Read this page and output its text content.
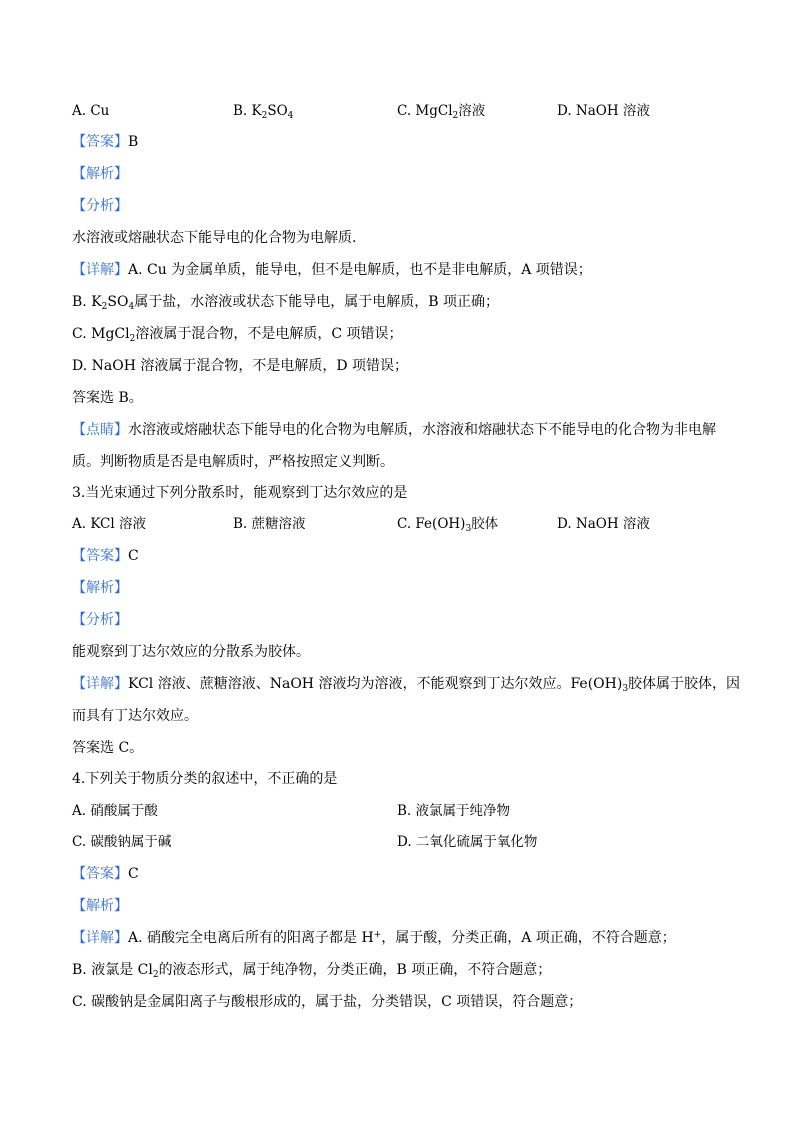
A. Cu	B. $K_2SO_4$	C. MgCl$_2$溶液	D. NaOH 溶液
【答案】B
【解析】
【分析】
水溶液或熔融状态下能导电的化合物为电解质.
【详解】A. Cu 为金属单质，能导电，但不是电解质，也不是非电解质，A 项错误；
B. $K_2SO_4$属于盐，水溶液或状态下能导电，属于电解质，B 项正确；
C. MgCl$_2$溶液属于混合物，不是电解质，C 项错误；
D. NaOH 溶液属于混合物，不是电解质，D 项错误；
答案选 B。
【点睛】水溶液或熔融状态下能导电的化合物为电解质，水溶液和熔融状态下不能导电的化合物为非电解
质。判断物质是否是电解质时，严格按照定义判断。
3.当光束通过下列分散系时，能观察到丁达尔效应的是
A. KCl 溶液	B. 蔗糖溶液	C. $Fe(OH)_3$胶体	D. NaOH 溶液
【答案】C
【解析】
【分析】
能观察到丁达尔效应的分散系为胶体。
【详解】KCl 溶液、蔗糖溶液、NaOH 溶液均为溶液，不能观察到丁达尔效应。$Fe(OH)_3$胶体属于胶体，因
而具有丁达尔效应。
答案选 C。
4.下列关于物质分类的叙述中，不正确的是
A. 硝酸属于酸	B. 液氯属于纯净物
C. 碳酸钠属于碱	D. 二氧化硫属于氧化物
【答案】C
【解析】
【详解】A. 硝酸完全电离后所有的阳离子都是 H+，属于酸，分类正确，A 项正确，不符合题意；
B. 液氯是 $Cl_2$的液态形式，属于纯净物，分类正确，B 项正确，不符合题意；
C. 碳酸钠是金属阳离子与酸根形成的，属于盐，分类错误，C 项错误，符合题意；
